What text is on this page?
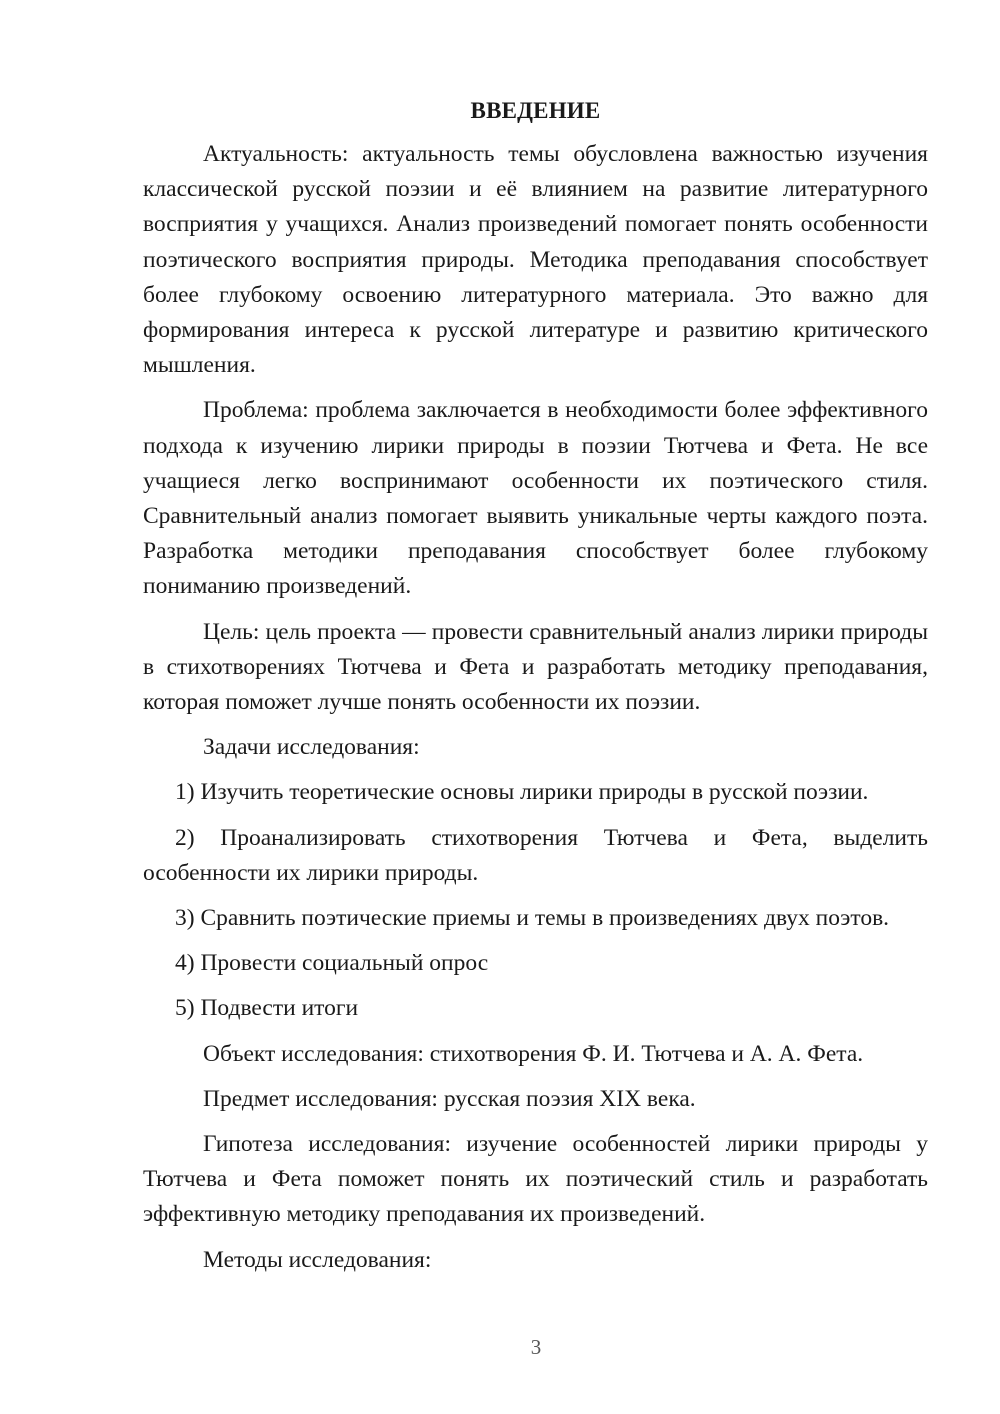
ВВЕДЕНИЕ

Актуальность: актуальность темы обусловлена важностью изучения классической русской поэзии и её влиянием на развитие литературного восприятия у учащихся. Анализ произведений помогает понять особенности поэтического восприятия природы. Методика преподавания способствует более глубокому освоению литературного материала. Это важно для формирования интереса к русской литературе и развитию критического мышления.

Проблема: проблема заключается в необходимости более эффективного подхода к изучению лирики природы в поэзии Тютчева и Фета. Не все учащиеся легко воспринимают особенности их поэтического стиля. Сравнительный анализ помогает выявить уникальные черты каждого поэта. Разработка методики преподавания способствует более глубокому пониманию произведений.

Цель: цель проекта — провести сравнительный анализ лирики природы в стихотворениях Тютчева и Фета и разработать методику преподавания, которая поможет лучше понять особенности их поэзии.

Задачи исследования:

1) Изучить теоретические основы лирики природы в русской поэзии.

2) Проанализировать стихотворения Тютчева и Фета, выделить особенности их лирики природы.

3) Сравнить поэтические приемы и темы в произведениях двух поэтов.

4) Провести социальный опрос

5) Подвести итоги

Объект исследования: стихотворения Ф. И. Тютчева и А. А. Фета.

Предмет исследования: русская поэзия XIX века.

Гипотеза исследования: изучение особенностей лирики природы у Тютчева и Фета поможет понять их поэтический стиль и разработать эффективную методику преподавания их произведений.

Методы исследования:

3
